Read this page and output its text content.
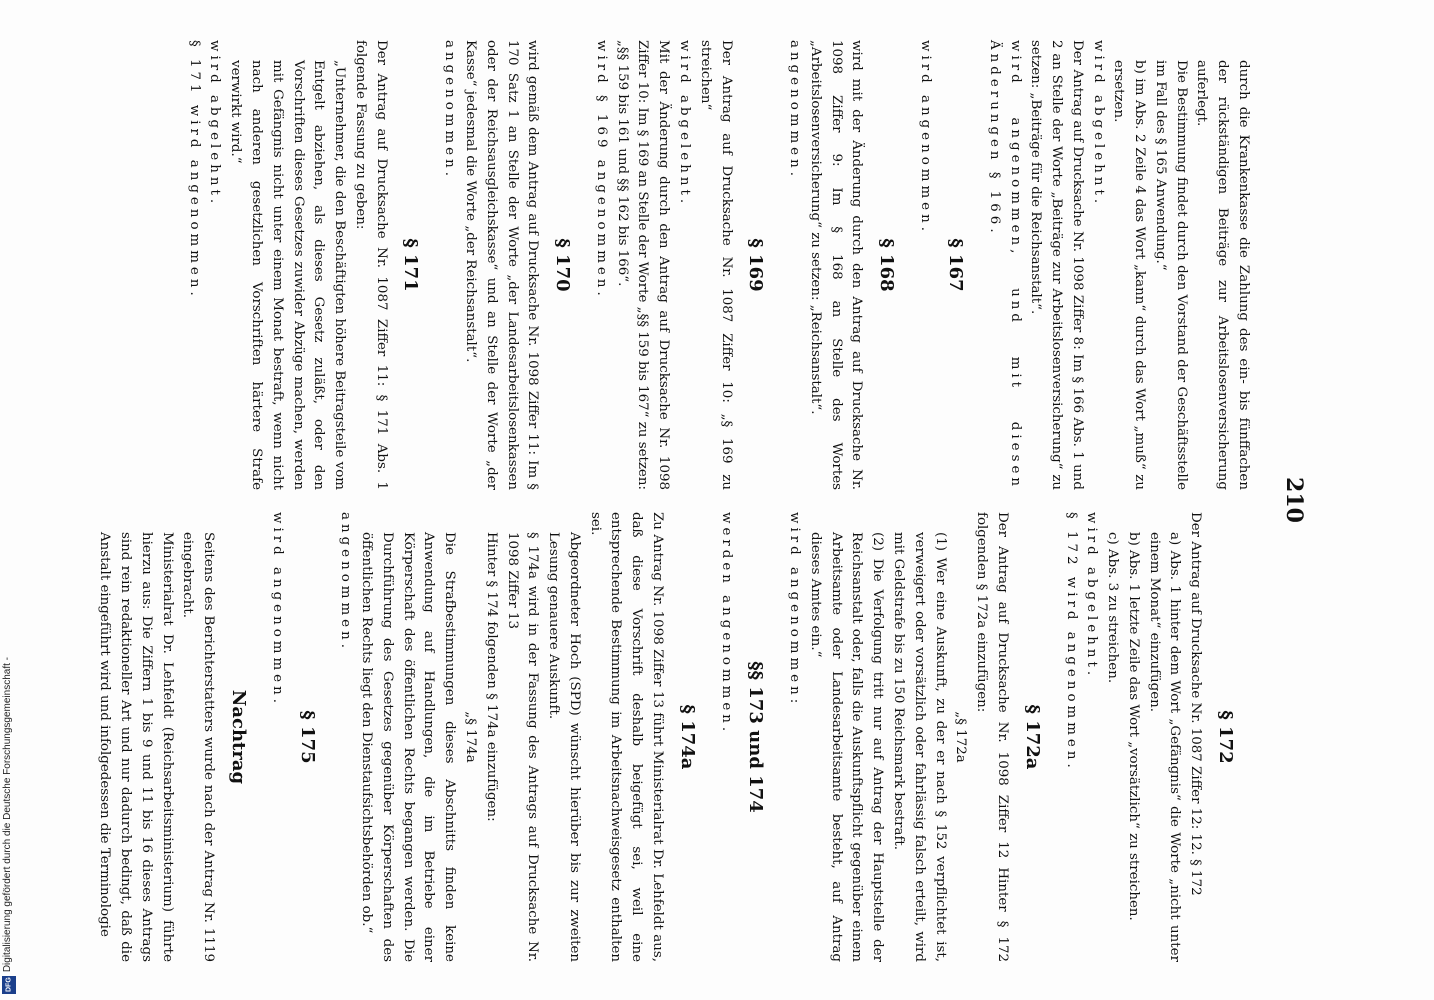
210

durch die Krankenkasse die Zahlung des ein- bis fünffachen der rückständigen Beiträge zur Arbeitslosenversicherung auferlegt.

Die Bestimmung findet durch den Vorstand der Geschäftsstelle im Fall des § 165 Anwendung.“

b) im Abs. 2 Zeile 4 das Wort „kann“ durch das Wort „muß“ zu ersetzen.

wird abgelehnt.

Der Antrag auf Drucksache Nr. 1098 Ziffer 8: Im § 166 Abs. 1 und 2 an Stelle der Worte „Beiträge zur Arbeitslosenversicherung“ zu setzen: „Beiträge für die Reichsanstalt“.

wird angenommen, und mit diesen Änderungen § 166.

§ 167

wird angenommen.

§ 168

wird mit der Änderung durch den Antrag auf Drucksache Nr. 1098 Ziffer 9: Im § 168 an Stelle des Wortes „Arbeitslosenversicherung“ zu setzen: „Reichsanstalt“.

angenommen.

§ 169

Der Antrag auf Drucksache Nr. 1087 Ziffer 10: „§ 169 zu streichen“

wird abgelehnt.

Mit der Änderung durch den Antrag auf Drucksache Nr. 1098 Ziffer 10: Im § 169 an Stelle der Worte „§§ 159 bis 167“ zu setzen: „§§ 159 bis 161 und §§ 162 bis 166“.

wird § 169 angenommen.

§ 170

wird gemäß dem Antrag auf Drucksache Nr. 1098 Ziffer 11: Im § 170 Satz 1 an Stelle der Worte „der Landesarbeitslosenkassen oder der Reichsausgleichskasse“ und an Stelle der Worte „der Kasse“ jedesmal die Worte „der Reichsanstalt“.

angenommen.

§ 171

Der Antrag auf Drucksache Nr. 1087 Ziffer 11: § 171 Abs. 1 folgende Fassung zu geben:

„Unternehmer, die den Beschäftigten höhere Beitragsteile vom Entgelt abziehen, als dieses Gesetz zuläßt, oder den Vorschriften dieses Gesetzes zuwider Abzüge machen, werden mit Gefängnis nicht unter einem Monat bestraft, wenn nicht nach anderen gesetzlichen Vorschriften härtere Strafe verwirkt wird.“

wird abgelehnt.

§ 171 wird angenommen.

§ 172

Der Antrag auf Drucksache Nr. 1087 Ziffer 12: 12. § 172

a) Abs. 1 hinter dem Wort „Gefängnis“ die Worte „nicht unter einem Monat“ einzufügen.

b) Abs. 1 letzte Zeile das Wort „vorsätzlich“ zu streichen.

c) Abs. 3 zu streichen.

wird abgelehnt.

§ 172 wird angenommen.

§ 172a

Der Antrag auf Drucksache Nr. 1098 Ziffer 12 Hinter § 172 folgenden § 172a einzufügen:

„§ 172a

(1) Wer eine Auskunft, zu der er nach § 152 verpflichtet ist, verweigert oder vorsätzlich oder fahrlässig falsch erteilt, wird mit Geldstrafe bis zu 150 Reichsmark bestraft.

(2) Die Verfolgung tritt nur auf Antrag der Hauptstelle der Reichsanstalt oder, falls die Auskunftspflicht gegenüber einem Arbeitsamte oder Landesarbeitsamte besteht, auf Antrag dieses Amtes ein.“

wird angenommen:

§§ 173 und 174

werden angenommen.

§ 174a

Zu Antrag Nr. 1098 Ziffer 13 führt Ministerialrat Dr. Lehfeldt aus, daß diese Vorschrift deshalb beigefügt sei, weil eine entsprechende Bestimmung im Arbeitsnachweisgesetz enthalten sei.

Abgeordneter Hoch (SPD) wünscht hierüber bis zur zweiten Lesung genauere Auskunft.

§ 174a wird in der Fassung des Antrags auf Drucksache Nr. 1098 Ziffer 13

Hinter § 174 folgenden § 174a einzufügen:

„§ 174a

Die Strafbestimmungen dieses Abschnitts finden keine Anwendung auf Handlungen, die im Betriebe einer Körperschaft des öffentlichen Rechts begangen werden. Die Durchführung des Gesetzes gegenüber Körperschaften des öffentlichen Rechts liegt den Dienstaufsichtsbehörden ob.“

angenommen.

§ 175

wird angenommen.

Nachtrag

Seitens des Berichterstatters wurde nach der Antrag Nr. 1119 eingebracht.

Ministerialrat Dr. Lehfeldt (Reichsarbeitsministerium) führte hierzu aus: Die Ziffern 1 bis 9 und 11 bis 16 dieses Antrags sind rein redaktioneller Art und nur dadurch bedingt, daß die Anstalt eingeführt wird und infolgedessen die Terminologie

Digitalisierung gefördert durch die Deutsche Forschungsgemeinschaft -
DFG
